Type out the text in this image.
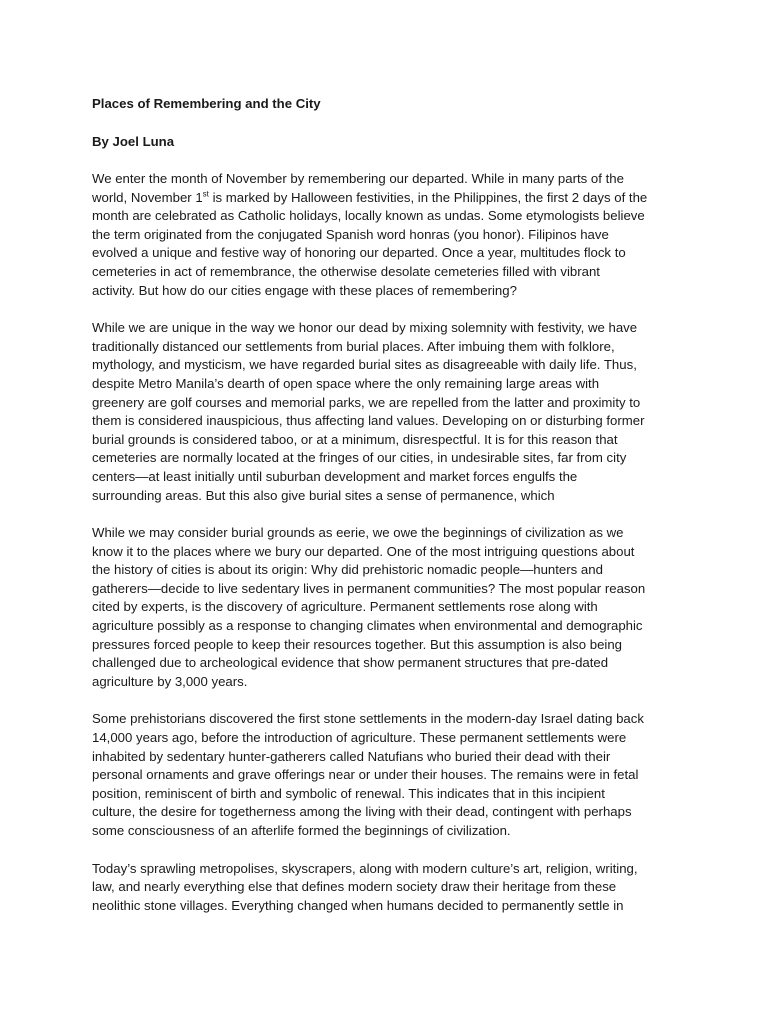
Places of Remembering and the City
By Joel Luna
We enter the month of November by remembering our departed. While in many parts of the
world, November 1st is marked by Halloween festivities, in the Philippines, the first 2 days of the
month are celebrated as Catholic holidays, locally known as undas. Some etymologists believe
the term originated from the conjugated Spanish word honras (you honor). Filipinos have
evolved a unique and festive way of honoring our departed. Once a year, multitudes flock to
cemeteries in act of remembrance, the otherwise desolate cemeteries filled with vibrant
activity. But how do our cities engage with these places of remembering?
While we are unique in the way we honor our dead by mixing solemnity with festivity, we have
traditionally distanced our settlements from burial places. After imbuing them with folklore,
mythology, and mysticism, we have regarded burial sites as disagreeable with daily life. Thus,
despite Metro Manila’s dearth of open space where the only remaining large areas with
greenery are golf courses and memorial parks, we are repelled from the latter and proximity to
them is considered inauspicious, thus affecting land values. Developing on or disturbing former
burial grounds is considered taboo, or at a minimum, disrespectful. It is for this reason that
cemeteries are normally located at the fringes of our cities, in undesirable sites, far from city
centers—at least initially until suburban development and market forces engulfs the
surrounding areas. But this also give burial sites a sense of permanence, which
While we may consider burial grounds as eerie, we owe the beginnings of civilization as we
know it to the places where we bury our departed. One of the most intriguing questions about
the history of cities is about its origin: Why did prehistoric nomadic people—hunters and
gatherers—decide to live sedentary lives in permanent communities? The most popular reason
cited by experts, is the discovery of agriculture. Permanent settlements rose along with
agriculture possibly as a response to changing climates when environmental and demographic
pressures forced people to keep their resources together. But this assumption is also being
challenged due to archeological evidence that show permanent structures that pre-dated
agriculture by 3,000 years.
Some prehistorians discovered the first stone settlements in the modern-day Israel dating back
14,000 years ago, before the introduction of agriculture. These permanent settlements were
inhabited by sedentary hunter-gatherers called Natufians who buried their dead with their
personal ornaments and grave offerings near or under their houses. The remains were in fetal
position, reminiscent of birth and symbolic of renewal. This indicates that in this incipient
culture, the desire for togetherness among the living with their dead, contingent with perhaps
some consciousness of an afterlife formed the beginnings of civilization.
Today’s sprawling metropolises, skyscrapers, along with modern culture’s art, religion, writing,
law, and nearly everything else that defines modern society draw their heritage from these
neolithic stone villages. Everything changed when humans decided to permanently settle in
